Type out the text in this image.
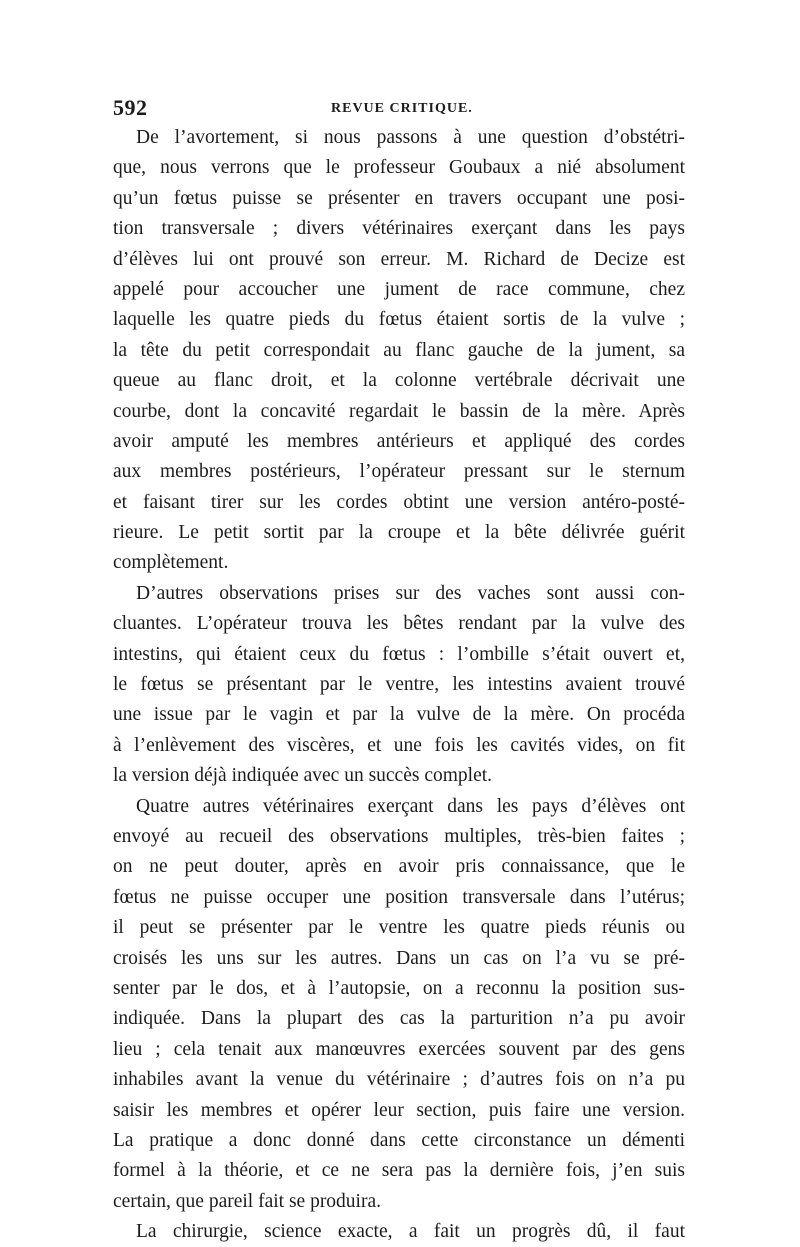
592	REVUE CRITIQUE.
De l’avortement, si nous passons à une question d’obstétri-
que, nous verrons que le professeur Goubaux a nié absolument
qu’un fœtus puisse se présenter en travers occupant une posi-
tion transversale ; divers vétérinaires exerçant dans les pays
d’élèves lui ont prouvé son erreur. M. Richard de Decize est
appelé pour accoucher une jument de race commune, chez
laquelle les quatre pieds du fœtus étaient sortis de la vulve ;
la tête du petit correspondait au flanc gauche de la jument, sa
queue au flanc droit, et la colonne vertébrale décrivait une
courbe, dont la concavité regardait le bassin de la mère. Après
avoir amputé les membres antérieurs et appliqué des cordes
aux membres postérieurs, l’opérateur pressant sur le sternum
et faisant tirer sur les cordes obtint une version antéro-posté-
rieure. Le petit sortit par la croupe et la bête délivrée guérit
complètement.
D’autres observations prises sur des vaches sont aussi con-
cluantes. L’opérateur trouva les bêtes rendant par la vulve des
intestins, qui étaient ceux du fœtus : l’ombille s’était ouvert et,
le fœtus se présentant par le ventre, les intestins avaient trouvé
une issue par le vagin et par la vulve de la mère. On procéda
à l’enlèvement des viscères, et une fois les cavités vides, on fit
la version déjà indiquée avec un succès complet.
Quatre autres vétérinaires exerçant dans les pays d’élèves ont
envoyé au recueil des observations multiples, très-bien faites ;
on ne peut douter, après en avoir pris connaissance, que le
fœtus ne puisse occuper une position transversale dans l’utérus;
il peut se présenter par le ventre les quatre pieds réunis ou
croisés les uns sur les autres. Dans un cas on l’a vu se pré-
senter par le dos, et à l’autopsie, on a reconnu la position sus-
indiquée. Dans la plupart des cas la parturition n’a pu avoir
lieu ; cela tenait aux manœuvres exercées souvent par des gens
inhabiles avant la venue du vétérinaire ; d’autres fois on n’a pu
saisir les membres et opérer leur section, puis faire une version.
La pratique a donc donné dans cette circonstance un démenti
formel à la théorie, et ce ne sera pas la dernière fois, j’en suis
certain, que pareil fait se produira.
La chirurgie, science exacte, a fait un progrès dû, il faut
